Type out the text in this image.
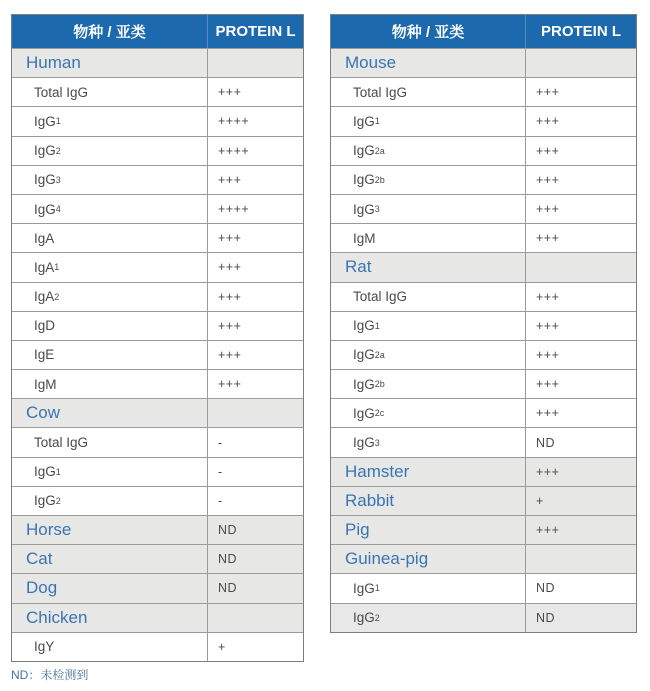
物种 / 亚类	PROTEIN L
Human
Total IgG	+++
IgG 1	++++
IgG 2	++++
IgG 3	+++
IgG 4	++++
IgA	+++
IgA 1	+++
IgA 2	+++
IgD	+++
IgE	+++
IgM	+++
Cow
Total IgG	-
IgG 1	-
IgG 2	-
Horse	ND
Cat	ND
Dog	ND
Chicken
IgY	+
物种 / 亚类	PROTEIN L
Mouse
Total IgG	+++
IgG 1	+++
IgG 2a	+++
IgG 2b	+++
IgG 3	+++
IgM	+++
Rat
Total IgG	+++
IgG 1	+++
IgG 2a	+++
IgG 2b	+++
IgG 2c	+++
IgG 3	ND
Hamster	+++
Rabbit	+
Pig	+++
Guinea-pig
IgG 1	ND
IgG 2	ND
ND：未检测到
